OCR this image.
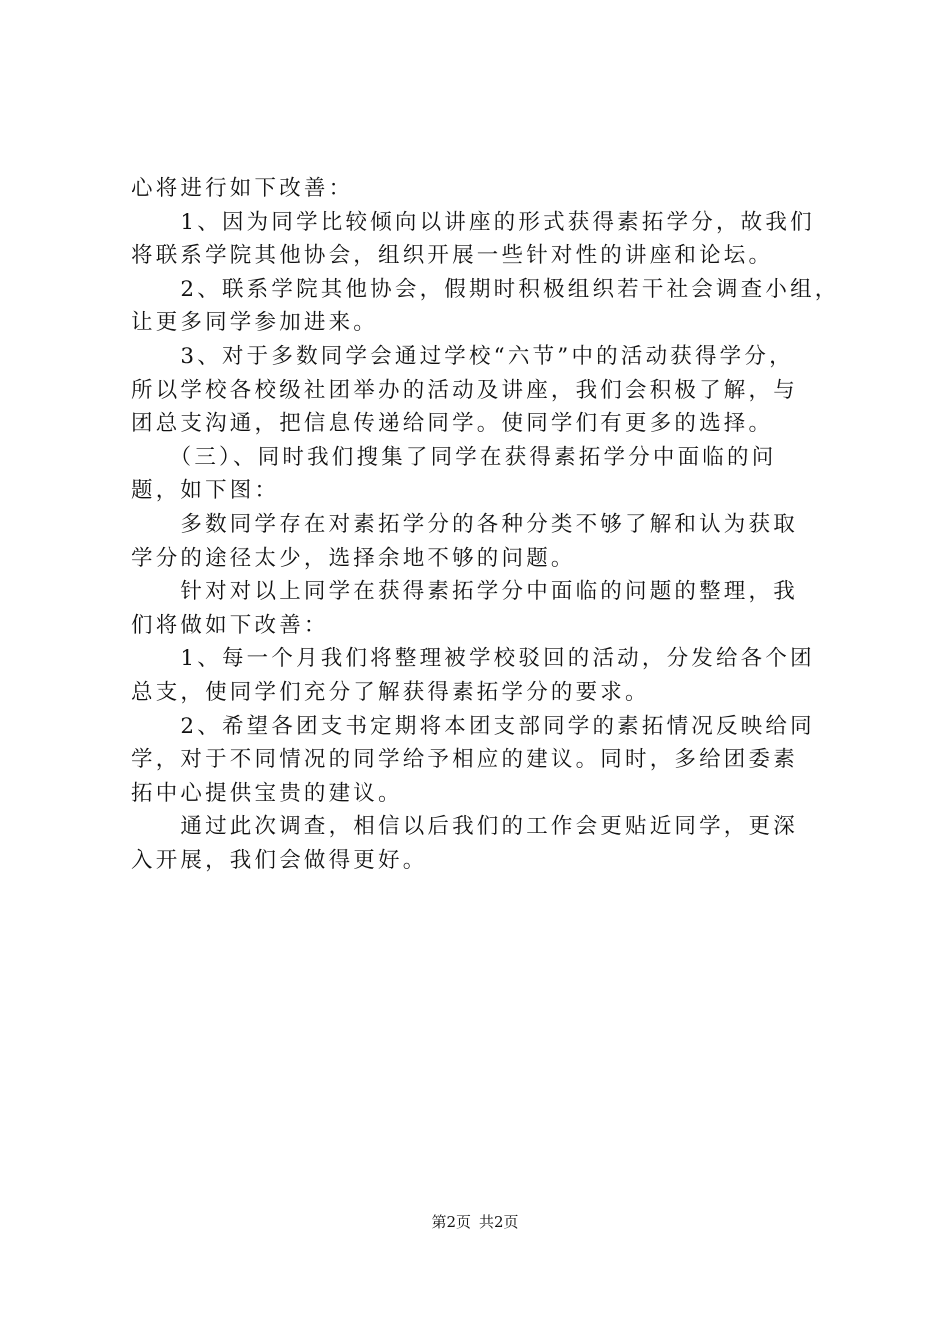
心将进行如下改善：
　　1、因为同学比较倾向以讲座的形式获得素拓学分，故我们
将联系学院其他协会，组织开展一些针对性的讲座和论坛。
　　2、联系学院其他协会，假期时积极组织若干社会调查小组，
让更多同学参加进来。
　　3、对于多数同学会通过学校“六节”中的活动获得学分，
所以学校各校级社团举办的活动及讲座，我们会积极了解，与
团总支沟通，把信息传递给同学。使同学们有更多的选择。
　　（三）、同时我们搜集了同学在获得素拓学分中面临的问
题，如下图：
　　多数同学存在对素拓学分的各种分类不够了解和认为获取
学分的途径太少，选择余地不够的问题。
　　针对对以上同学在获得素拓学分中面临的问题的整理，我
们将做如下改善：
　　1、每一个月我们将整理被学校驳回的活动，分发给各个团
总支，使同学们充分了解获得素拓学分的要求。
　　2、希望各团支书定期将本团支部同学的素拓情况反映给同
学，对于不同情况的同学给予相应的建议。同时，多给团委素
拓中心提供宝贵的建议。
　　通过此次调查，相信以后我们的工作会更贴近同学，更深
入开展，我们会做得更好。
第2页 共2页
